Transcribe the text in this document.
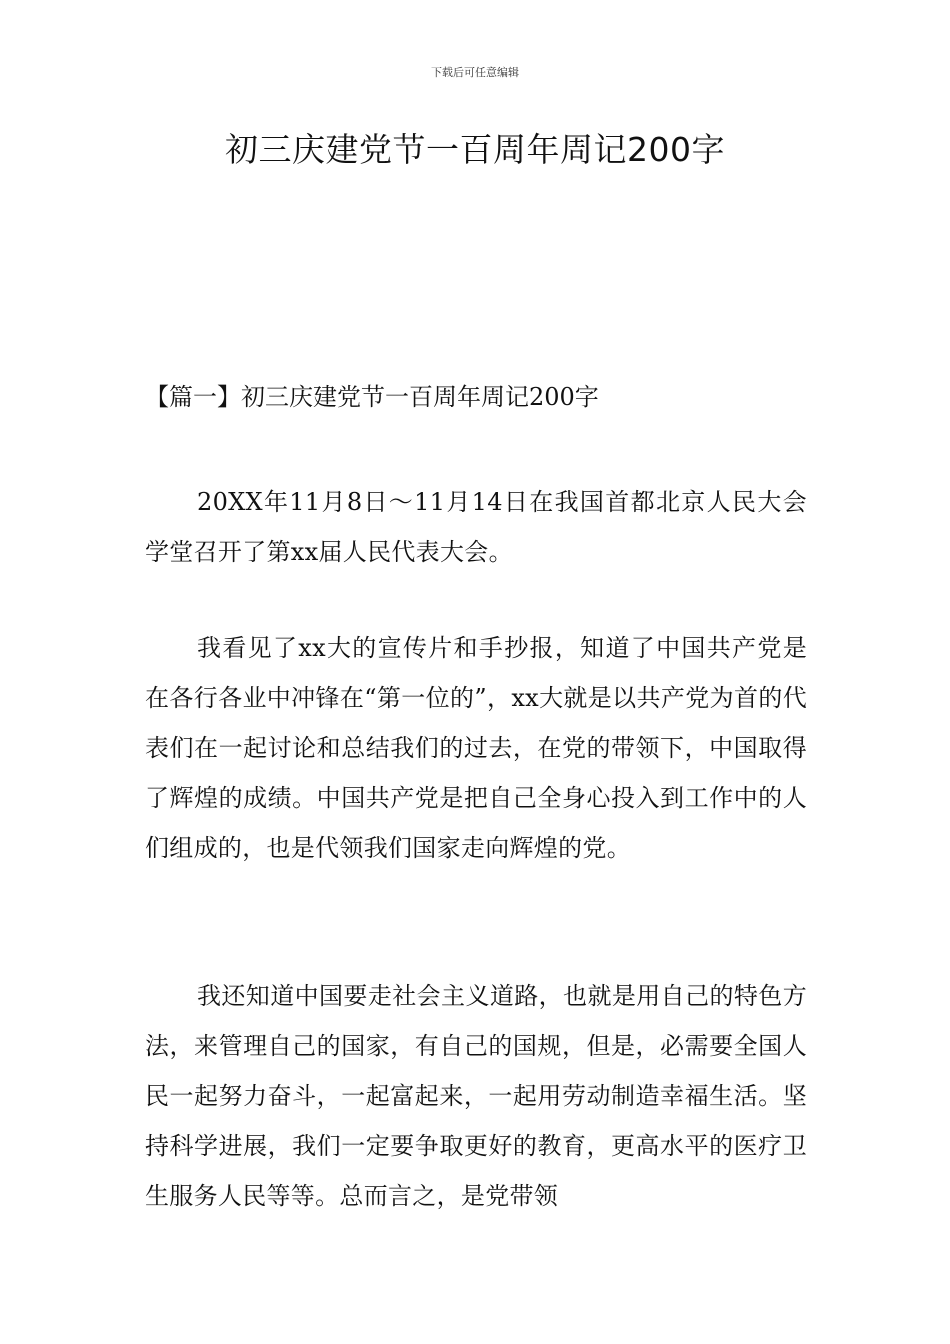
下载后可任意编辑
初三庆建党节一百周年周记200字
【篇一】初三庆建党节一百周年周记200字
20XX年11月8日～11月14日在我国首都北京人民大会学堂召开了第xx届人民代表大会。
我看见了xx大的宣传片和手抄报，知道了中国共产党是在各行各业中冲锋在“第一位的”，xx大就是以共产党为首的代表们在一起讨论和总结我们的过去，在党的带领下，中国取得了辉煌的成绩。中国共产党是把自己全身心投入到工作中的人们组成的，也是代领我们国家走向辉煌的党。
我还知道中国要走社会主义道路，也就是用自己的特色方法，来管理自己的国家，有自己的国规，但是，必需要全国人民一起努力奋斗，一起富起来，一起用劳动制造幸福生活。坚持科学进展，我们一定要争取更好的教育，更高水平的医疗卫生服务人民等等。总而言之，是党带领
